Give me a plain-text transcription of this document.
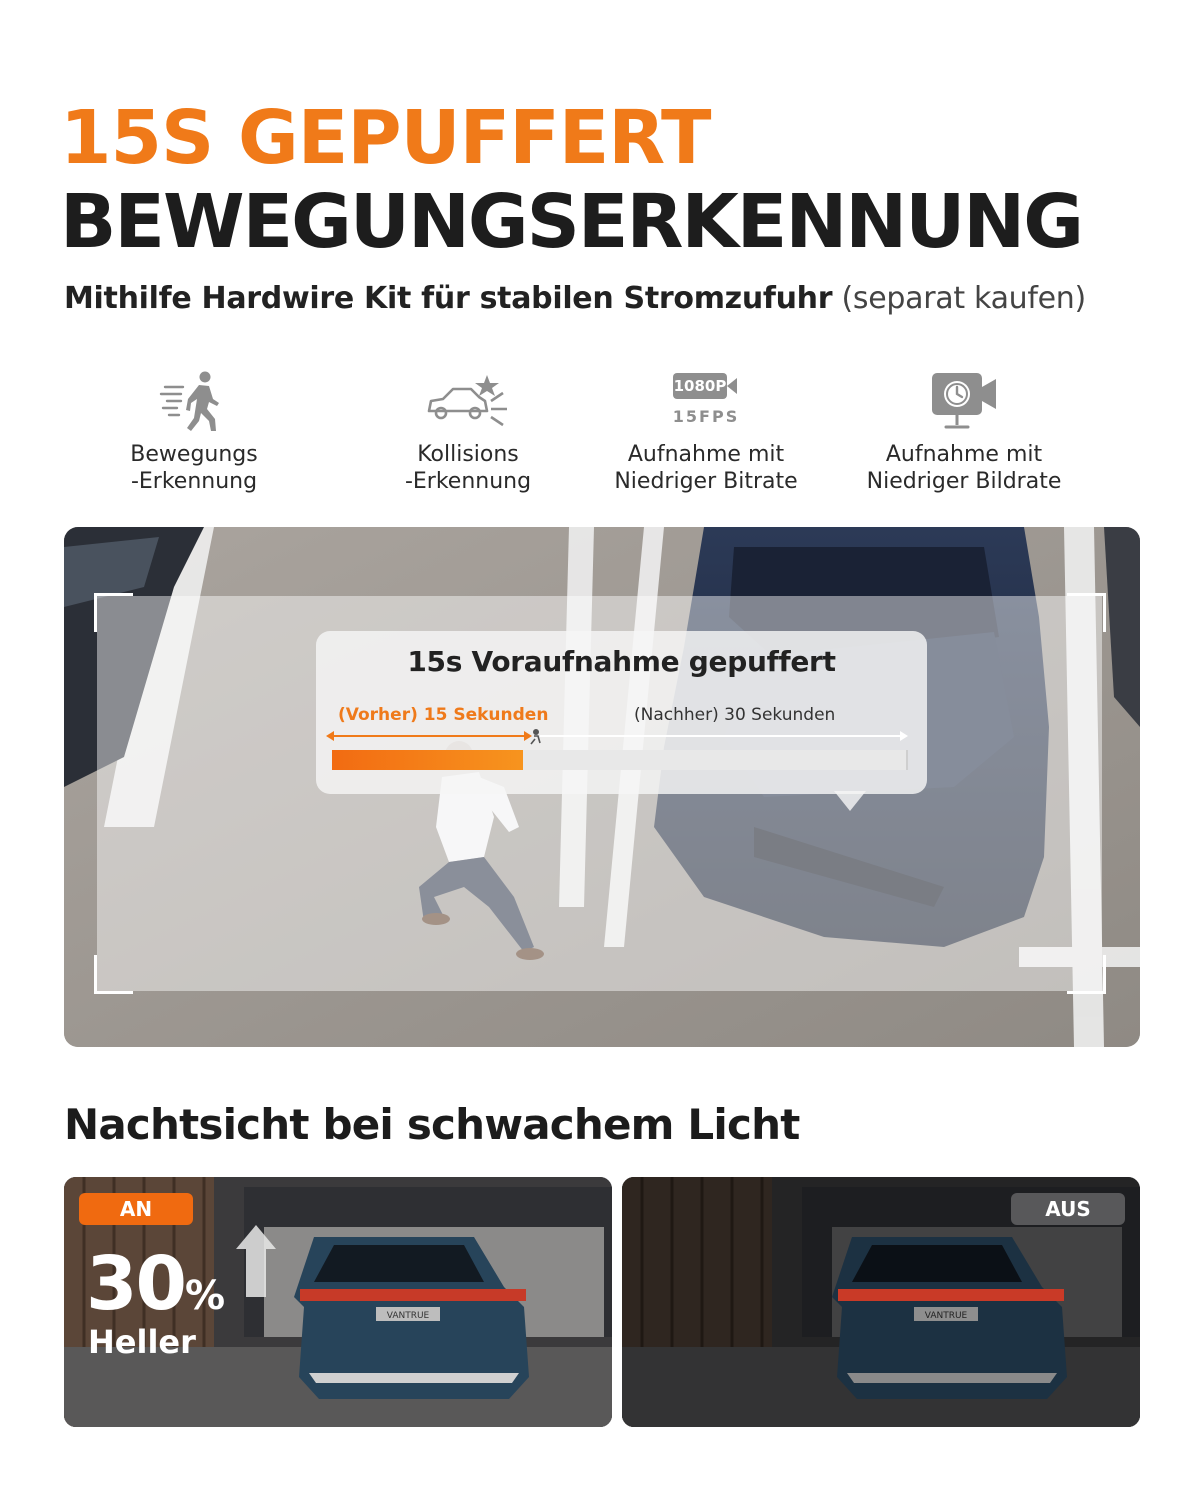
15S GEPUFFERT
BEWEGUNGSERKENNUNG
Mithilfe Hardwire Kit für stabilen Stromzufuhr (separat kaufen)
Bewegungs
-Erkennung
Kollisions
-Erkennung
1080P
15FPS
Aufnahme mit
Niedriger Bitrate
Aufnahme mit
Niedriger Bildrate
15s Voraufnahme gepuffert
(Vorher) 15 Sekunden	(Nachher) 30 Sekunden
Nachtsicht bei schwachem Licht
VANTRUE
AN
30%
Heller
VANTRUE
AUS
